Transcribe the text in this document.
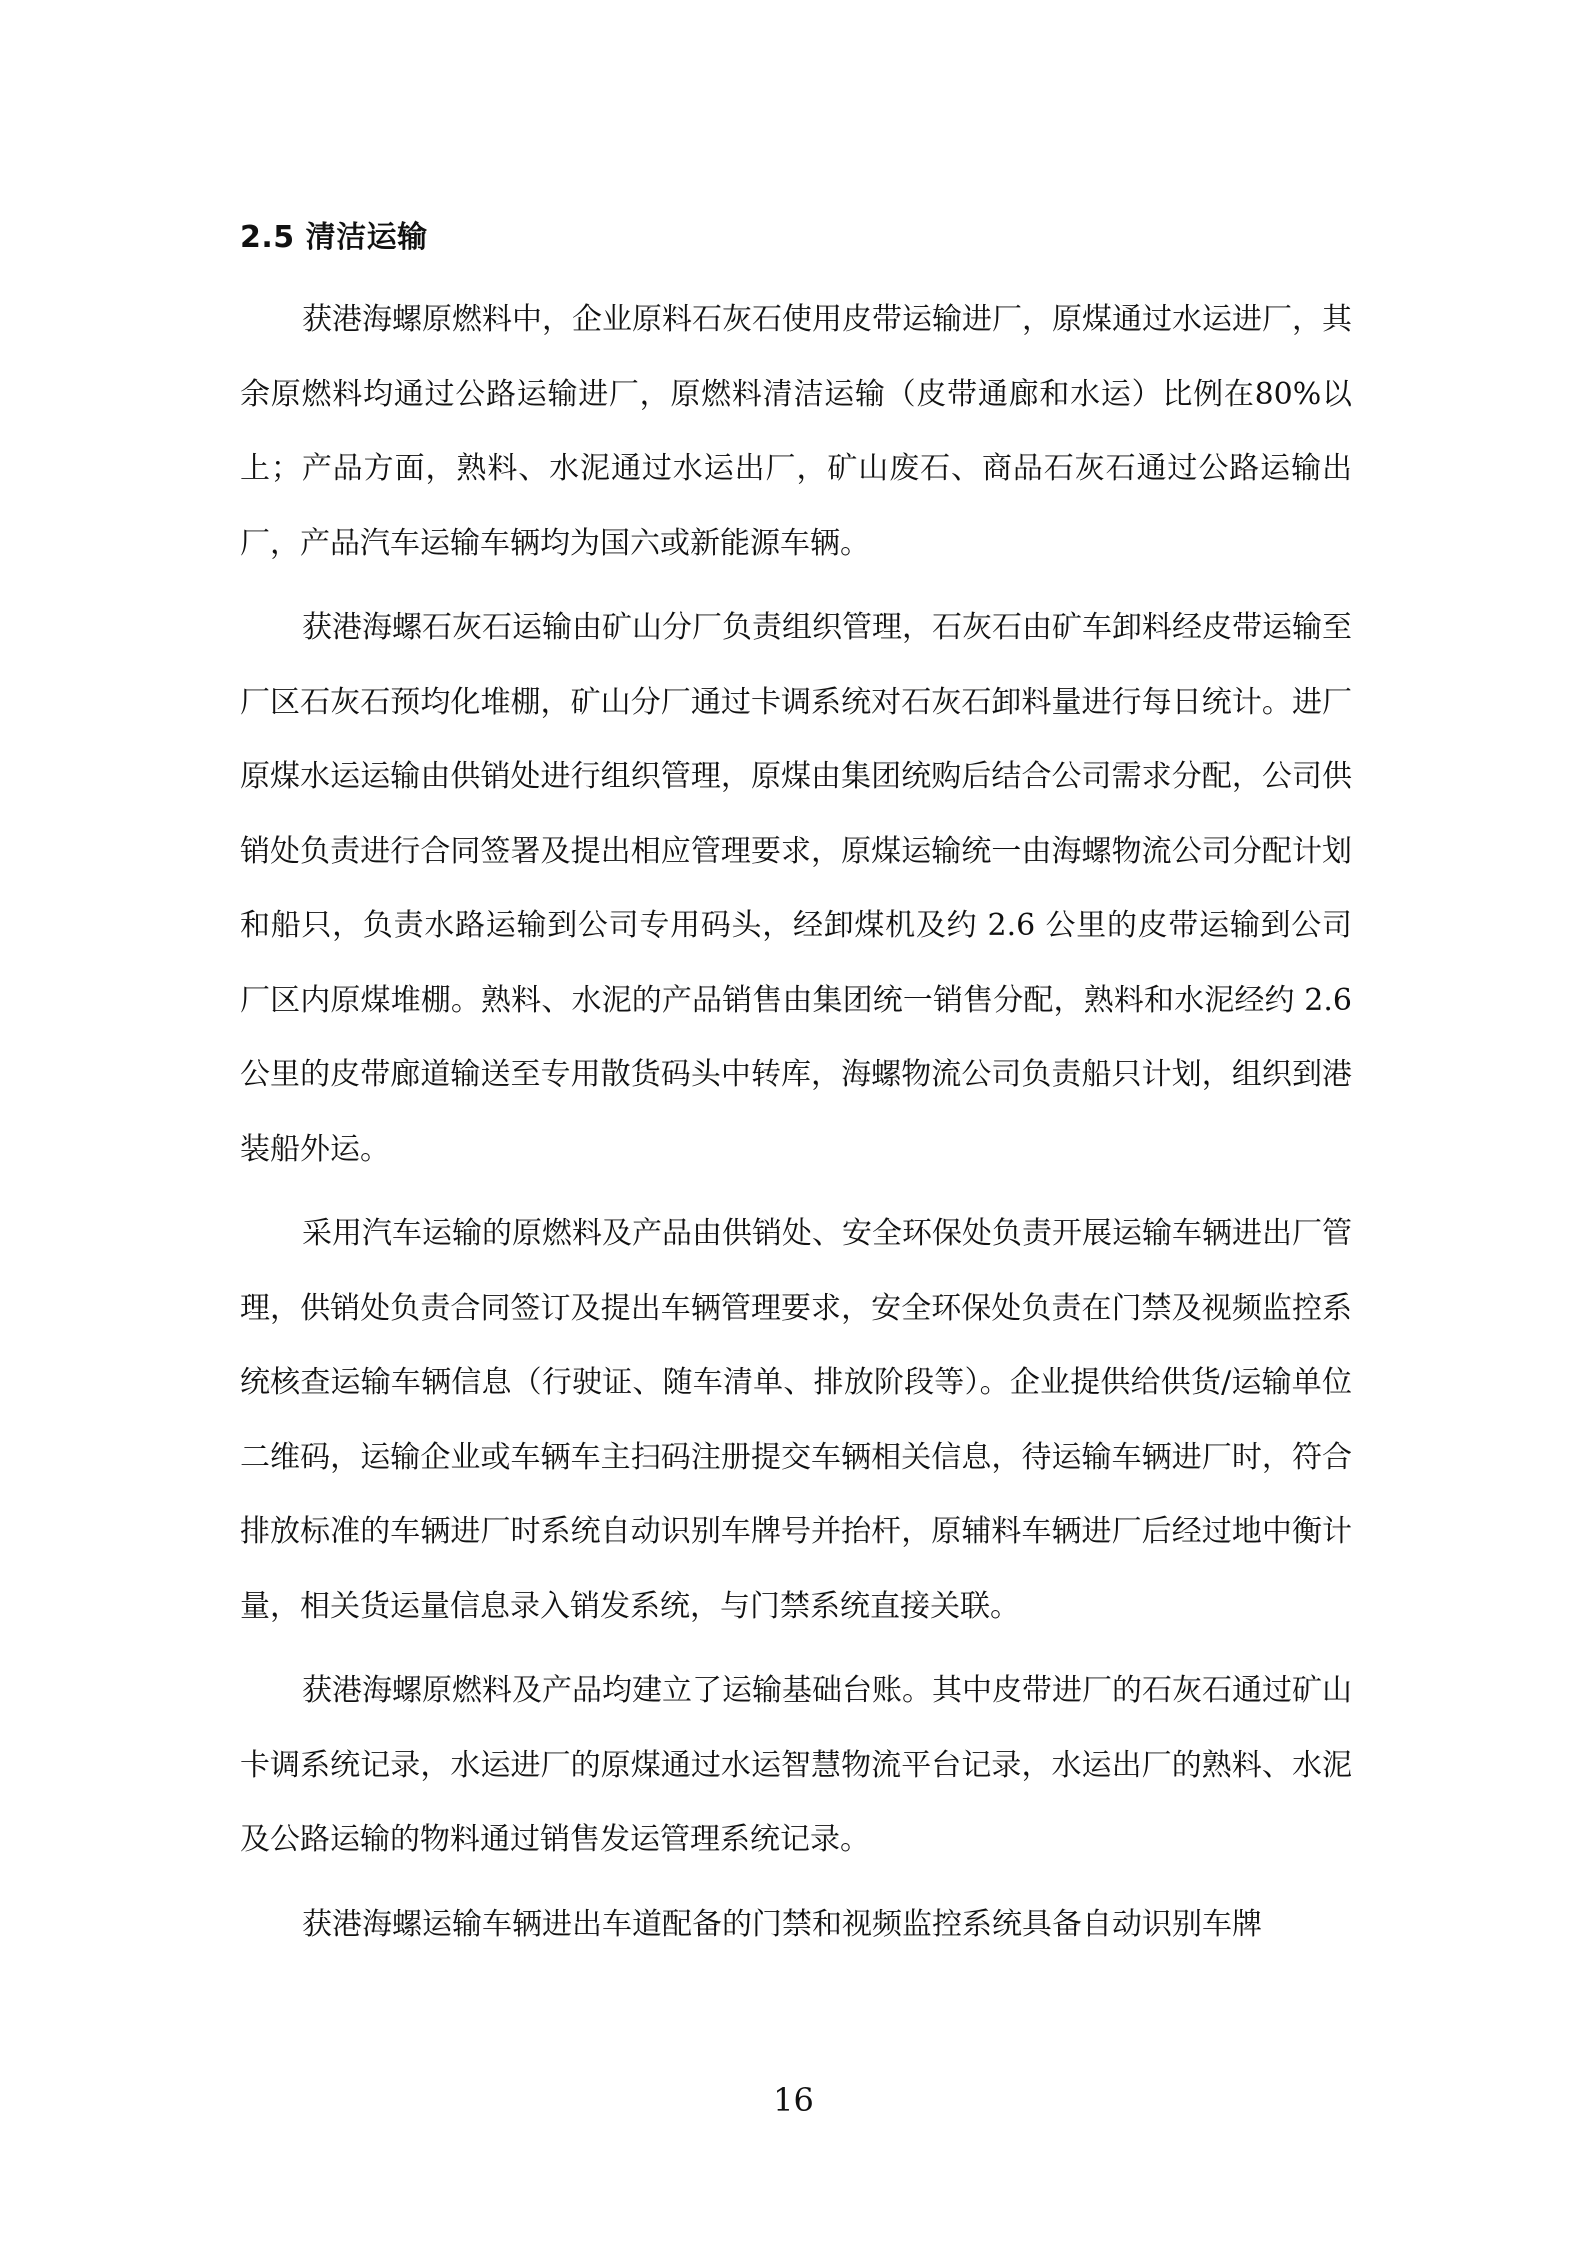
2.5 清洁运输

获港海螺原燃料中，企业原料石灰石使用皮带运输进厂，原煤通过水运进厂，其余原燃料均通过公路运输进厂，原燃料清洁运输（皮带通廊和水运）比例在80%以上；产品方面，熟料、水泥通过水运出厂，矿山废石、商品石灰石通过公路运输出厂，产品汽车运输车辆均为国六或新能源车辆。

获港海螺石灰石运输由矿山分厂负责组织管理，石灰石由矿车卸料经皮带运输至厂区石灰石预均化堆棚，矿山分厂通过卡调系统对石灰石卸料量进行每日统计。进厂原煤水运运输由供销处进行组织管理，原煤由集团统购后结合公司需求分配，公司供销处负责进行合同签署及提出相应管理要求，原煤运输统一由海螺物流公司分配计划和船只，负责水路运输到公司专用码头，经卸煤机及约 2.6 公里的皮带运输到公司厂区内原煤堆棚。熟料、水泥的产品销售由集团统一销售分配，熟料和水泥经约 2.6 公里的皮带廊道输送至专用散货码头中转库，海螺物流公司负责船只计划，组织到港装船外运。

采用汽车运输的原燃料及产品由供销处、安全环保处负责开展运输车辆进出厂管理，供销处负责合同签订及提出车辆管理要求，安全环保处负责在门禁及视频监控系统核查运输车辆信息（行驶证、随车清单、排放阶段等）。企业提供给供货/运输单位二维码，运输企业或车辆车主扫码注册提交车辆相关信息，待运输车辆进厂时，符合排放标准的车辆进厂时系统自动识别车牌号并抬杆，原辅料车辆进厂后经过地中衡计量，相关货运量信息录入销发系统，与门禁系统直接关联。

获港海螺原燃料及产品均建立了运输基础台账。其中皮带进厂的石灰石通过矿山卡调系统记录，水运进厂的原煤通过水运智慧物流平台记录，水运出厂的熟料、水泥及公路运输的物料通过销售发运管理系统记录。

获港海螺运输车辆进出车道配备的门禁和视频监控系统具备自动识别车牌

16
